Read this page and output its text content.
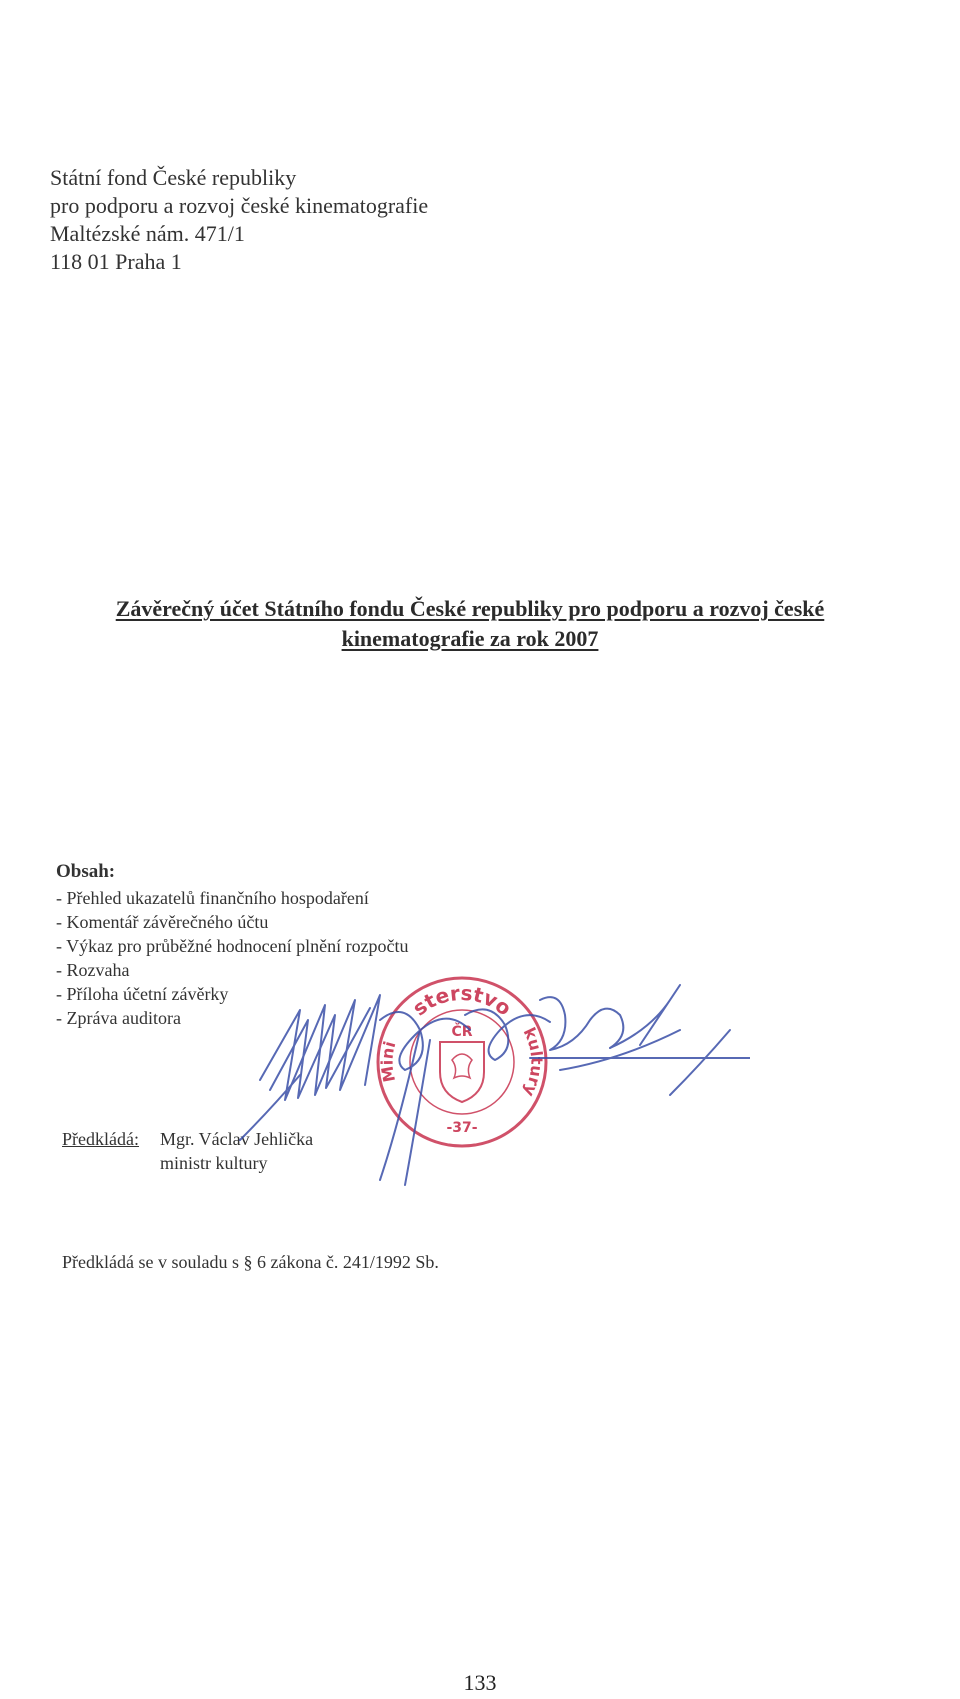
Státní fond České republiky
pro podporu a rozvoj české kinematografie
Maltézské nám. 471/1
118 01 Praha 1
Závěrečný účet Státního fondu České republiky pro podporu a rozvoj české
kinematografie za rok 2007
Obsah:
- Přehled ukazatelů finančního hospodaření
- Komentář závěrečného účtu
- Výkaz pro průběžné hodnocení plnění rozpočtu
- Rozvaha
- Příloha účetní závěrky
- Zpráva auditora
Předkládá: Mgr. Václav Jehlička
ministr kultury
sterstvo
Mini
kultury
ČR
-37-
Předkládá se v souladu s § 6 zákona č. 241/1992 Sb.
133
